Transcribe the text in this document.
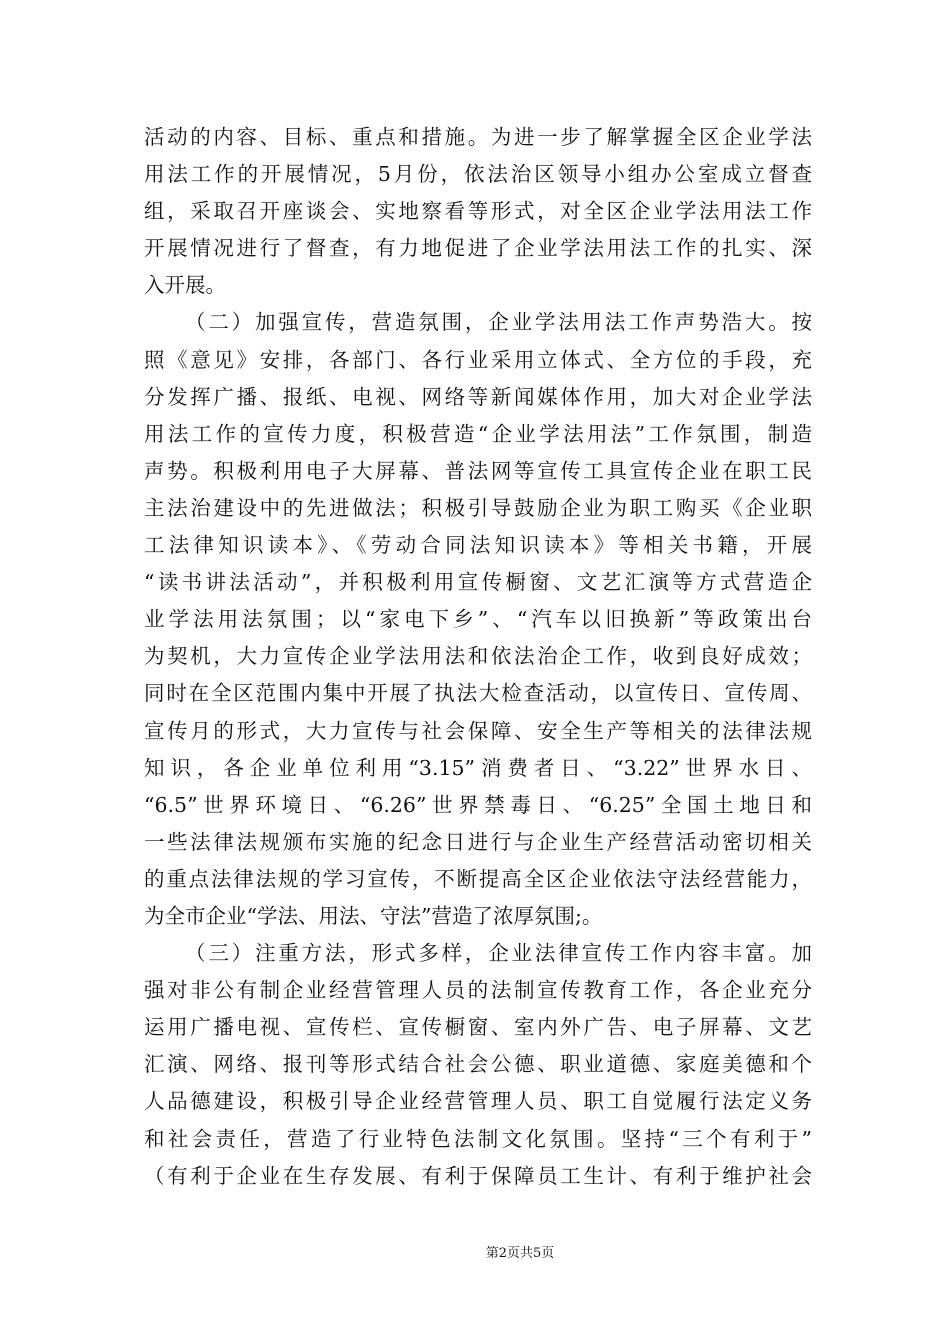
活动的内容、目标、重点和措施。为进一步了解掌握全区企业学法
用法工作的开展情况，5月份，依法治区领导小组办公室成立督查
组，采取召开座谈会、实地察看等形式，对全区企业学法用法工作
开展情况进行了督查，有力地促进了企业学法用法工作的扎实、深
入开展。
（二）加强宣传，营造氛围，企业学法用法工作声势浩大。按
照《意见》安排，各部门、各行业采用立体式、全方位的手段，充
分发挥广播、报纸、电视、网络等新闻媒体作用，加大对企业学法
用法工作的宣传力度，积极营造“企业学法用法”工作氛围，制造
声势。积极利用电子大屏幕、普法网等宣传工具宣传企业在职工民
主法治建设中的先进做法；积极引导鼓励企业为职工购买《企业职
工法律知识读本》、《劳动合同法知识读本》等相关书籍，开展
“读书讲法活动”，并积极利用宣传橱窗、文艺汇演等方式营造企
业学法用法氛围；以“家电下乡”、“汽车以旧换新”等政策出台
为契机，大力宣传企业学法用法和依法治企工作，收到良好成效；
同时在全区范围内集中开展了执法大检查活动，以宣传日、宣传周、
宣传月的形式，大力宣传与社会保障、安全生产等相关的法律法规
知识，各企业单位利用“3.15”消费者日、“3.22”世界水日、
“6.5”世界环境日、“6.26”世界禁毒日、“6.25”全国土地日和
一些法律法规颁布实施的纪念日进行与企业生产经营活动密切相关
的重点法律法规的学习宣传，不断提高全区企业依法守法经营能力，
为全市企业“学法、用法、守法”营造了浓厚氛围;。
（三）注重方法，形式多样，企业法律宣传工作内容丰富。加
强对非公有制企业经营管理人员的法制宣传教育工作，各企业充分
运用广播电视、宣传栏、宣传橱窗、室内外广告、电子屏幕、文艺
汇演、网络、报刊等形式结合社会公德、职业道德、家庭美德和个
人品德建设，积极引导企业经营管理人员、职工自觉履行法定义务
和社会责任，营造了行业特色法制文化氛围。坚持“三个有利于”
（有利于企业在生存发展、有利于保障员工生计、有利于维护社会
第2页共5页
